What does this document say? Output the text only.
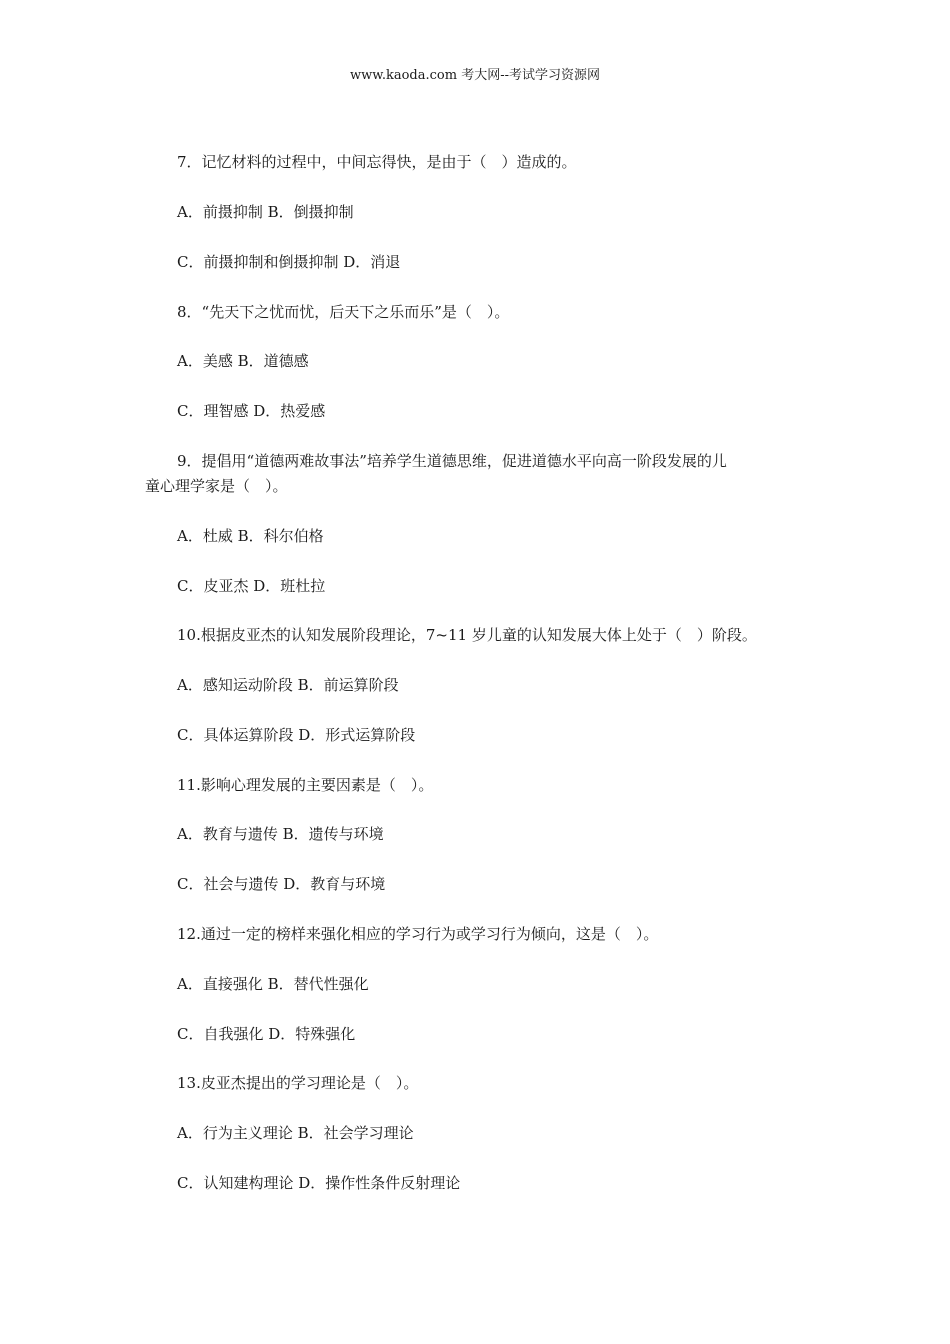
www.kaoda.com 考大网--考试学习资源网
7．记忆材料的过程中，中间忘得快，是由于（　）造成的。
A．前摄抑制 B．倒摄抑制
C．前摄抑制和倒摄抑制 D．消退
8．“先天下之忧而忧，后天下之乐而乐”是（　）。
A．美感 B．道德感
C．理智感 D．热爱感
9．提倡用“道德两难故事法”培养学生道德思维，促进道德水平向高一阶段发展的儿
童心理学家是（　）。
A．杜威 B．科尔伯格
C．皮亚杰 D．班杜拉
10.根据皮亚杰的认知发展阶段理论，7~11 岁儿童的认知发展大体上处于（　）阶段。
A．感知运动阶段 B．前运算阶段
C．具体运算阶段 D．形式运算阶段
11.影响心理发展的主要因素是（　）。
A．教育与遗传 B．遗传与环境
C．社会与遗传 D．教育与环境
12.通过一定的榜样来强化相应的学习行为或学习行为倾向，这是（　）。
A．直接强化 B．替代性强化
C．自我强化 D．特殊强化
13.皮亚杰提出的学习理论是（　）。
A．行为主义理论 B．社会学习理论
C．认知建构理论 D．操作性条件反射理论
